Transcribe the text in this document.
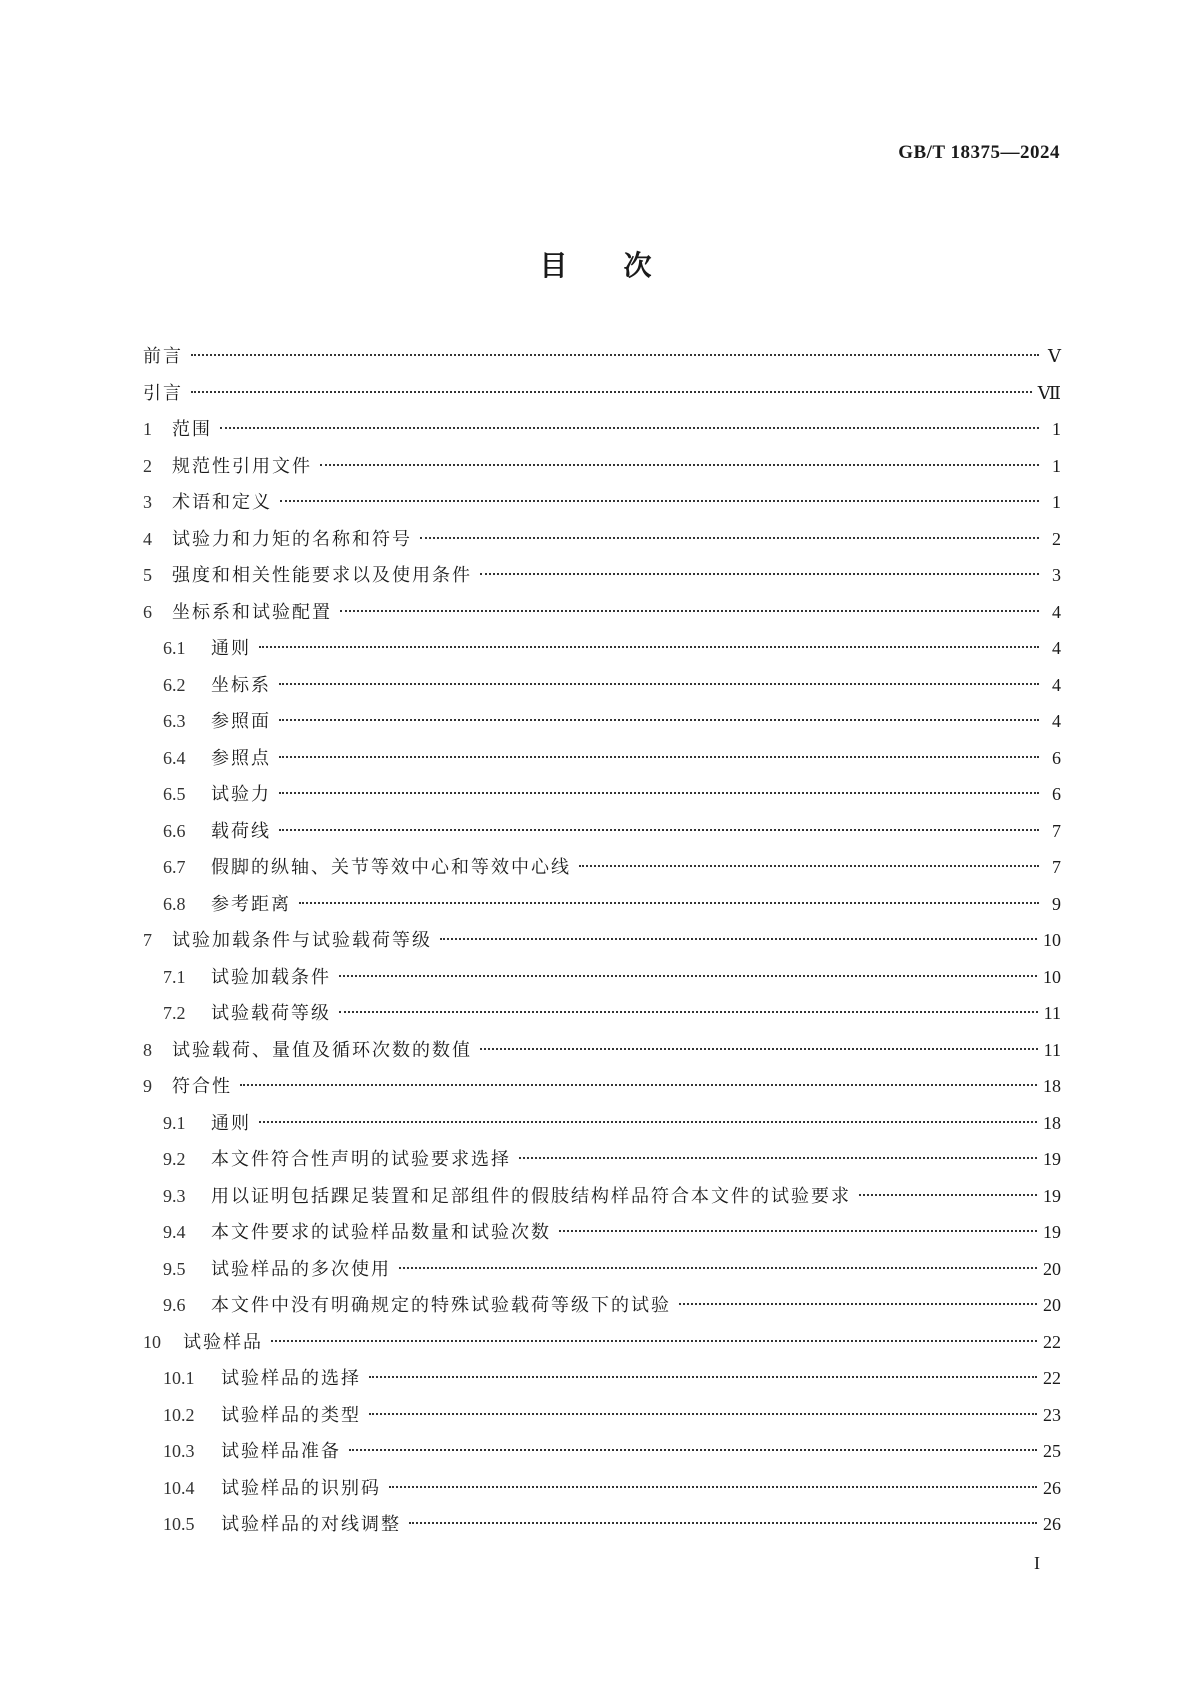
GB/T 18375—2024
目次
前言	Ⅴ
引言	Ⅶ
1	范围	1
2	规范性引用文件	1
3	术语和定义	1
4	试验力和力矩的名称和符号	2
5	强度和相关性能要求以及使用条件	3
6	坐标系和试验配置	4
6.1	通则	4
6.2	坐标系	4
6.3	参照面	4
6.4	参照点	6
6.5	试验力	6
6.6	载荷线	7
6.7	假脚的纵轴、关节等效中心和等效中心线	7
6.8	参考距离	9
7	试验加载条件与试验载荷等级	10
7.1	试验加载条件	10
7.2	试验载荷等级	11
8	试验载荷、量值及循环次数的数值	11
9	符合性	18
9.1	通则	18
9.2	本文件符合性声明的试验要求选择	19
9.3	用以证明包括踝足装置和足部组件的假肢结构样品符合本文件的试验要求	19
9.4	本文件要求的试验样品数量和试验次数	19
9.5	试验样品的多次使用	20
9.6	本文件中没有明确规定的特殊试验载荷等级下的试验	20
10	试验样品	22
10.1	试验样品的选择	22
10.2	试验样品的类型	23
10.3	试验样品准备	25
10.4	试验样品的识别码	26
10.5	试验样品的对线调整	26
I
